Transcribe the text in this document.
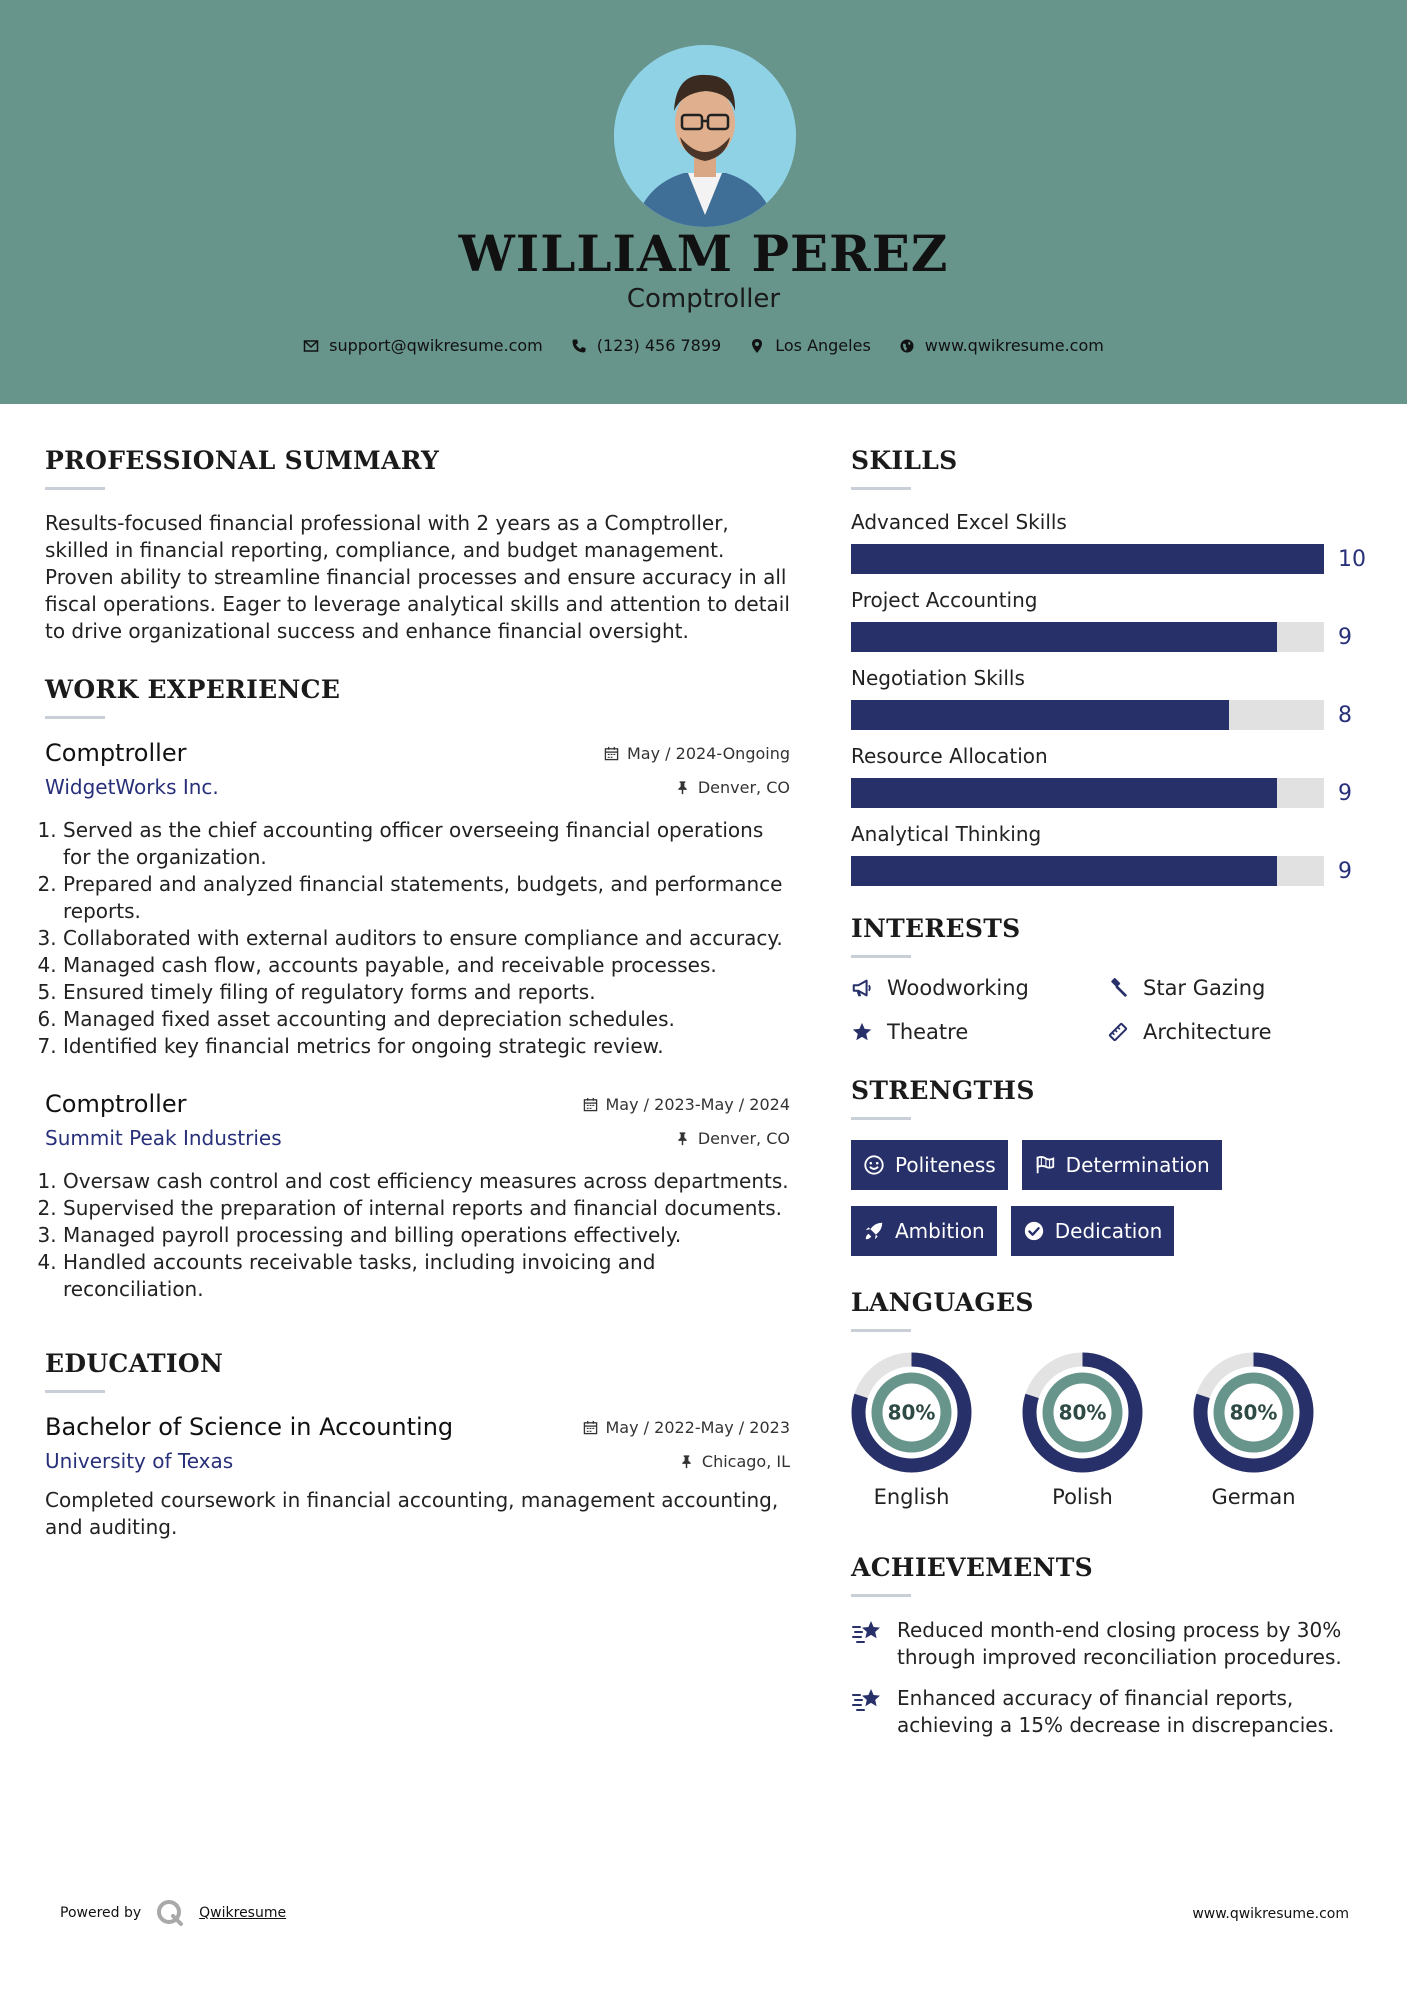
WILLIAM PEREZ
Comptroller
support@qwikresume.com	(123) 456 7899	Los Angeles	www.qwikresume.com
PROFESSIONAL SUMMARY
Results-focused financial professional with 2 years as a Comptroller, skilled in financial reporting, compliance, and budget management. Proven ability to streamline financial processes and ensure accuracy in all fiscal operations. Eager to leverage analytical skills and attention to detail to drive organizational success and enhance financial oversight.
WORK EXPERIENCE
Comptroller	May / 2024-Ongoing
WidgetWorks Inc.	Denver, CO
1. Served as the chief accounting officer overseeing financial operations for the organization.
2. Prepared and analyzed financial statements, budgets, and performance reports.
3. Collaborated with external auditors to ensure compliance and accuracy.
4. Managed cash flow, accounts payable, and receivable processes.
5. Ensured timely filing of regulatory forms and reports.
6. Managed fixed asset accounting and depreciation schedules.
7. Identified key financial metrics for ongoing strategic review.
Comptroller	May / 2023-May / 2024
Summit Peak Industries	Denver, CO
1. Oversaw cash control and cost efficiency measures across departments.
2. Supervised the preparation of internal reports and financial documents.
3. Managed payroll processing and billing operations effectively.
4. Handled accounts receivable tasks, including invoicing and reconciliation.
EDUCATION
Bachelor of Science in Accounting	May / 2022-May / 2023
University of Texas	Chicago, IL
Completed coursework in financial accounting, management accounting, and auditing.
SKILLS
Advanced Excel Skills
10
Project Accounting
9
Negotiation Skills
8
Resource Allocation
9
Analytical Thinking
9
INTERESTS
Woodworking	Star Gazing
Theatre	Architecture
STRENGTHS
Politeness	Determination
Ambition	Dedication
LANGUAGES
80%
English
80%
Polish
80%
German
ACHIEVEMENTS
Reduced month-end closing process by 30% through improved reconciliation procedures.
Enhanced accuracy of financial reports, achieving a 15% decrease in discrepancies.
Powered by	Qwikresume	www.qwikresume.com
